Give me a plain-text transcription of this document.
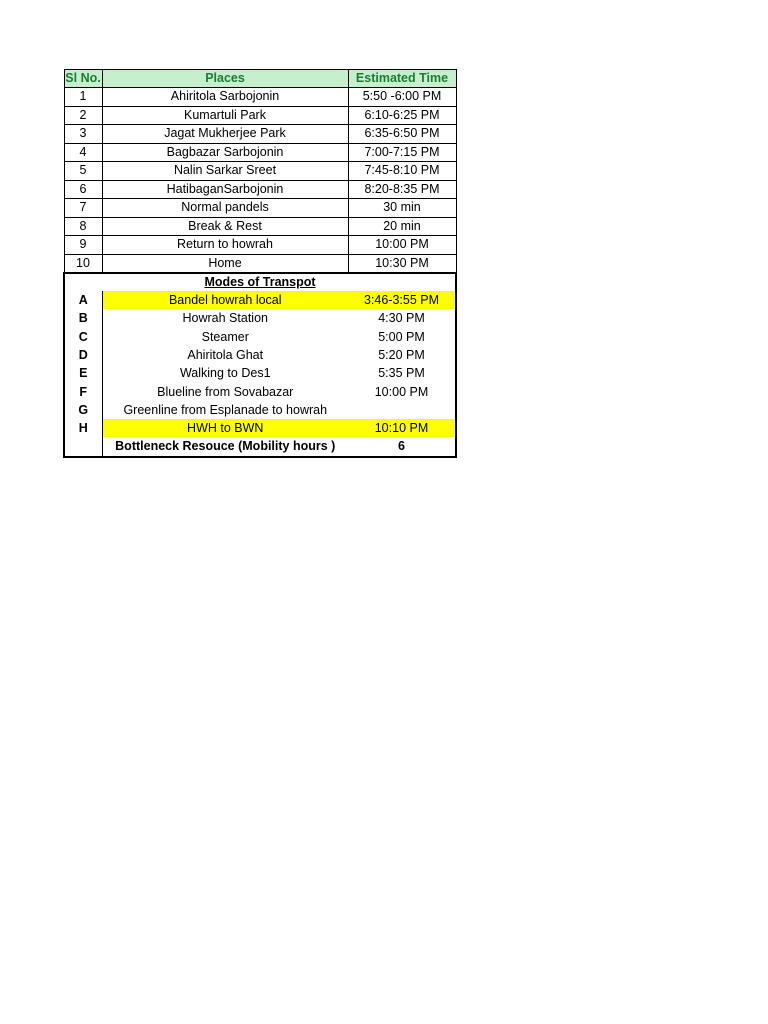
Sl No.	Places	Estimated Time
1	Ahiritola Sarbojonin	5:50 -6:00 PM
2	Kumartuli Park	6:10-6:25 PM
3	Jagat Mukherjee Park	6:35-6:50 PM
4	Bagbazar Sarbojonin	7:00-7:15 PM
5	Nalin Sarkar Sreet	7:45-8:10 PM
6	HatibaganSarbojonin	8:20-8:35 PM
7	Normal pandels	30 min
8	Break & Rest	20 min
9	Return to howrah	10:00 PM
10	Home	10:30 PM
Modes of Transpot		
A	Bandel howrah local	3:46-3:55 PM
B	Howrah Station	4:30 PM
C	Steamer	5:00 PM
D	Ahiritola Ghat	5:20 PM
E	Walking to Des1	5:35 PM
F	Blueline from Sovabazar	10:00 PM
G	Greenline from Esplanade to howrah	
H	HWH to BWN	10:10 PM
	Bottleneck Resouce (Mobility hours )	6
